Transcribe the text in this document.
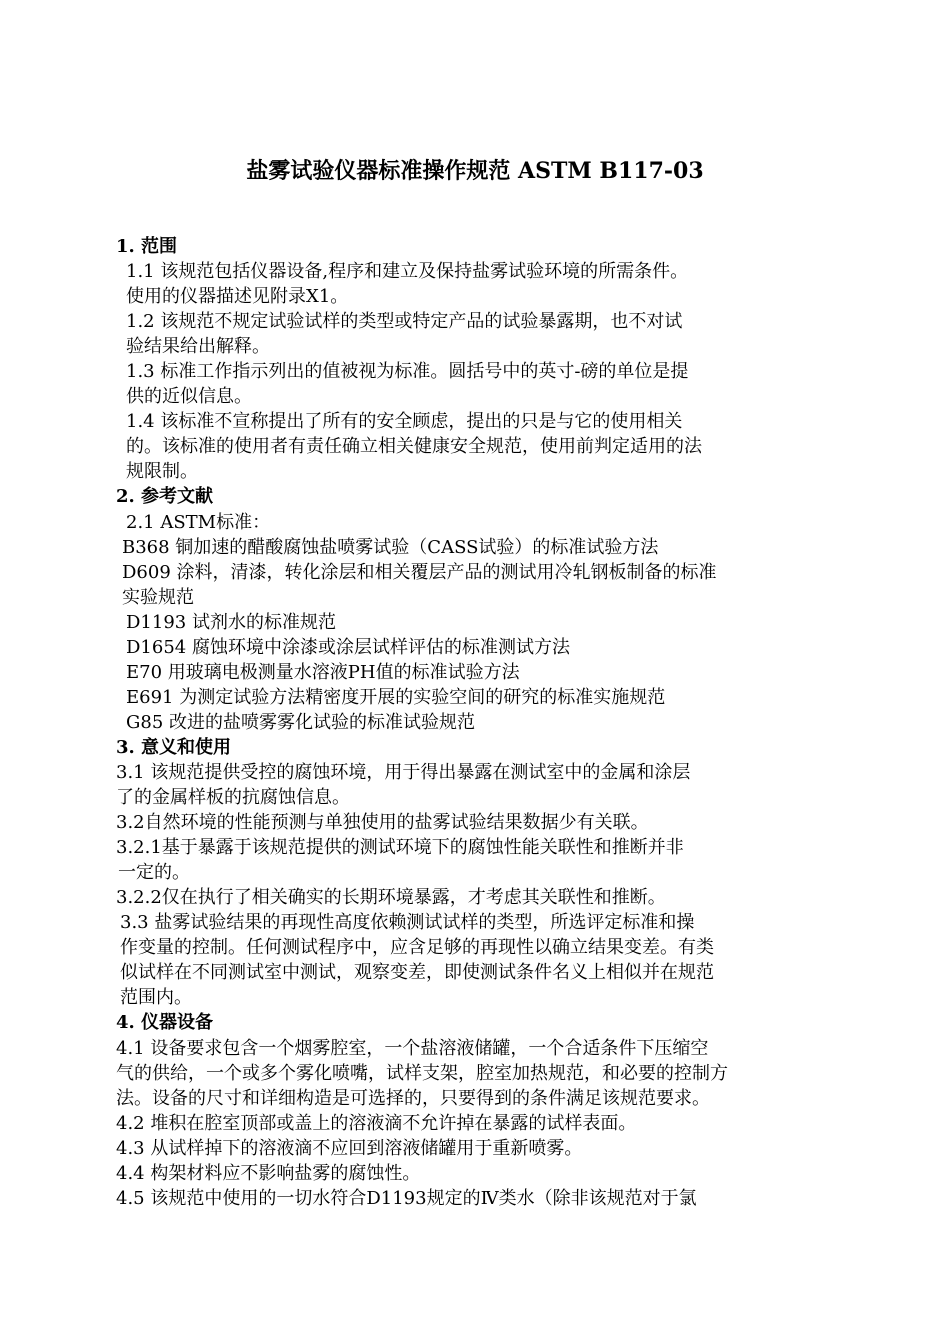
盐雾试验仪器标准操作规范 ASTM B117-03
1. 范围
1.1 该规范包括仪器设备,程序和建立及保持盐雾试验环境的所需条件。
使用的仪器描述见附录Ⅹ1。
1.2 该规范不规定试验试样的类型或特定产品的试验暴露期，也不对试
验结果给出解释。
1.3 标准工作指示列出的值被视为标准。圆括号中的英寸-磅的单位是提
供的近似信息。
1.4 该标准不宣称提出了所有的安全顾虑，提出的只是与它的使用相关
的。该标准的使用者有责任确立相关健康安全规范，使用前判定适用的法
规限制。
2. 参考文献
2.1 ASTM标准：
B368 铜加速的醋酸腐蚀盐喷雾试验（CASS试验）的标准试验方法
D609 涂料，清漆，转化涂层和相关覆层产品的测试用冷轧钢板制备的标准
实验规范
D1193 试剂水的标准规范
D1654 腐蚀环境中涂漆或涂层试样评估的标准测试方法
E70 用玻璃电极测量水溶液PH值的标准试验方法
E691 为测定试验方法精密度开展的实验空间的研究的标准实施规范
G85 改进的盐喷雾雾化试验的标准试验规范
3. 意义和使用
3.1 该规范提供受控的腐蚀环境，用于得出暴露在测试室中的金属和涂层
了的金属样板的抗腐蚀信息。
3.2自然环境的性能预测与单独使用的盐雾试验结果数据少有关联。
3.2.1基于暴露于该规范提供的测试环境下的腐蚀性能关联性和推断并非
一定的。
3.2.2仅在执行了相关确实的长期环境暴露，才考虑其关联性和推断。
3.3 盐雾试验结果的再现性高度依赖测试试样的类型，所选评定标准和操
作变量的控制。任何测试程序中，应含足够的再现性以确立结果变差。有类
似试样在不同测试室中测试，观察变差，即使测试条件名义上相似并在规范
范围内。
4. 仪器设备
4.1 设备要求包含一个烟雾腔室，一个盐溶液储罐，一个合适条件下压缩空
气的供给，一个或多个雾化喷嘴，试样支架，腔室加热规范，和必要的控制方
法。设备的尺寸和详细构造是可选择的，只要得到的条件满足该规范要求。
4.2 堆积在腔室顶部或盖上的溶液滴不允许掉在暴露的试样表面。
4.3 从试样掉下的溶液滴不应回到溶液储罐用于重新喷雾。
4.4 构架材料应不影响盐雾的腐蚀性。
4.5 该规范中使用的一切水符合D1193规定的Ⅳ类水（除非该规范对于氯
